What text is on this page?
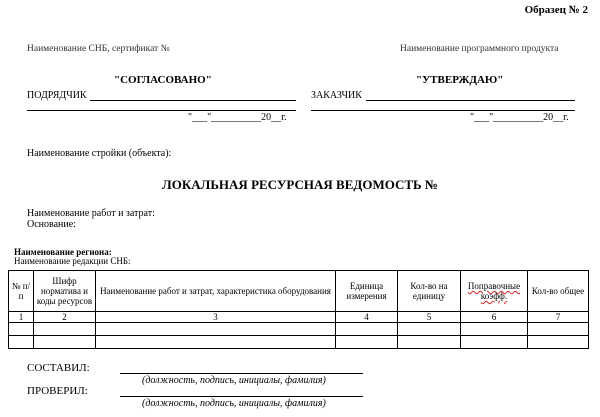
Образец № 2
Наименование СНБ, сертификат №	Наименование программного продукта
"СОГЛАСОВАНО"
ПОДРЯДЧИК
"___"__________20__г.
"УТВЕРЖДАЮ"
ЗАКАЗЧИК
"___"__________20__г.
Наименование стройки (объекта):
ЛОКАЛЬНАЯ РЕСУРСНАЯ ВЕДОМОСТЬ №
Наименование работ и затрат:
Основание:
Наименование региона:
Наименование редакции СНБ:
№ п/п	Шифр норматива и коды ресурсов	Наименование работ и затрат, характеристика оборудования	Единица измерения	Кол-во на единицу	Поправочные коэфф.	Кол-во общее
1	2	3	4	5	6	7

СОСТАВИЛ:
(должность, подпись, инициалы, фамилия)
ПРОВЕРИЛ:
(должность, подпись, инициалы, фамилия)
